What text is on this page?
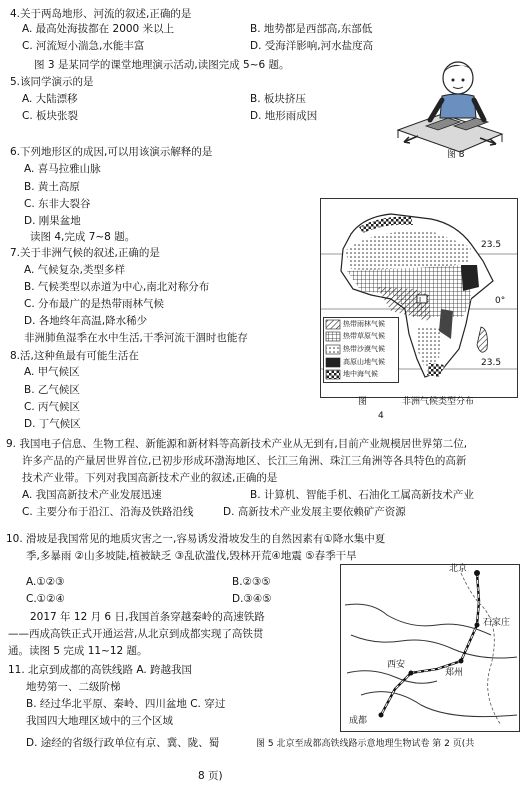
4.关于两岛地形、河流的叙述,正确的是
A. 最高处海拔都在 2000 米以上	B. 地势都是西部高,东部低
C. 河流短小湍急,水能丰富	D. 受海洋影响,河水盐度高
图 3 是某同学的课堂地理演示活动,读图完成 5~6 题。
5.该同学演示的是
A. 大陆漂移	B. 板块挤压
C. 板块张裂	D. 地形雨成因
图 3
6.下列地形区的成因,可以用该演示解释的是
A. 喜马拉雅山脉
B. 黄土高原
C. 东非大裂谷
D. 刚果盆地
读图 4,完成 7~8 题。
7.关于非洲气候的叙述,正确的是
A. 气候复杂,类型多样
B. 气候类型以赤道为中心,南北对称分布
C. 分布最广的是热带雨林气候
D. 各地终年高温,降水稀少
非洲肺鱼湿季在水中生活,干季河流干涸时也能存
8.活,这种鱼最有可能生活在
A. 甲气候区
B. 乙气候区
C. 丙气候区
D. 丁气候区
I
23.5
0°
23.5
热带雨林气候
热带草原气候
热带沙漠气候
高原山地气候
地中海气候
图	非洲气候类型分布
4
9. 我国电子信息、生物工程、新能源和新材料等高新技术产业从无到有,目前产业规模居世界第二位,
许多产品的产量居世界首位,已初步形成环渤海地区、长江三角洲、珠江三角洲等各具特色的高新
技术产业带。下列对我国高新技术产业的叙述,正确的是
A. 我国高新技术产业发展迅速	B. 计算机、智能手机、石油化工属高新技术产业
C. 主要分布于沿江、沿海及铁路沿线	D. 高新技术产业发展主要依赖矿产资源
10. 滑坡是我国常见的地质灾害之一,容易诱发滑坡发生的自然因素有①降水集中夏
季,多暴雨 ②山多坡陡,植被缺乏 ③乱砍滥伐,毁林开荒④地震 ⑤春季干旱
A.①②③	B.②③⑤
C.①②④	D.③④⑤
2017 年 12 月 6 日,我国首条穿越秦岭的高速铁路
——西成高铁正式开通运营,从北京到成都实现了高铁贯
通。读图 5 完成 11~12 题。
11. 北京到成都的高铁线路 A. 跨越我国
地势第一、二级阶梯
B. 经过华北平原、秦岭、四川盆地 C. 穿过
我国四大地理区域中的三个区域
D. 途经的省级行政单位有京、冀、陇、蜀	图 5 北京至成都高铁线路示意地理生物试卷 第 2 页(共
北京
石家庄
西安
郑州
成都
8 页)
